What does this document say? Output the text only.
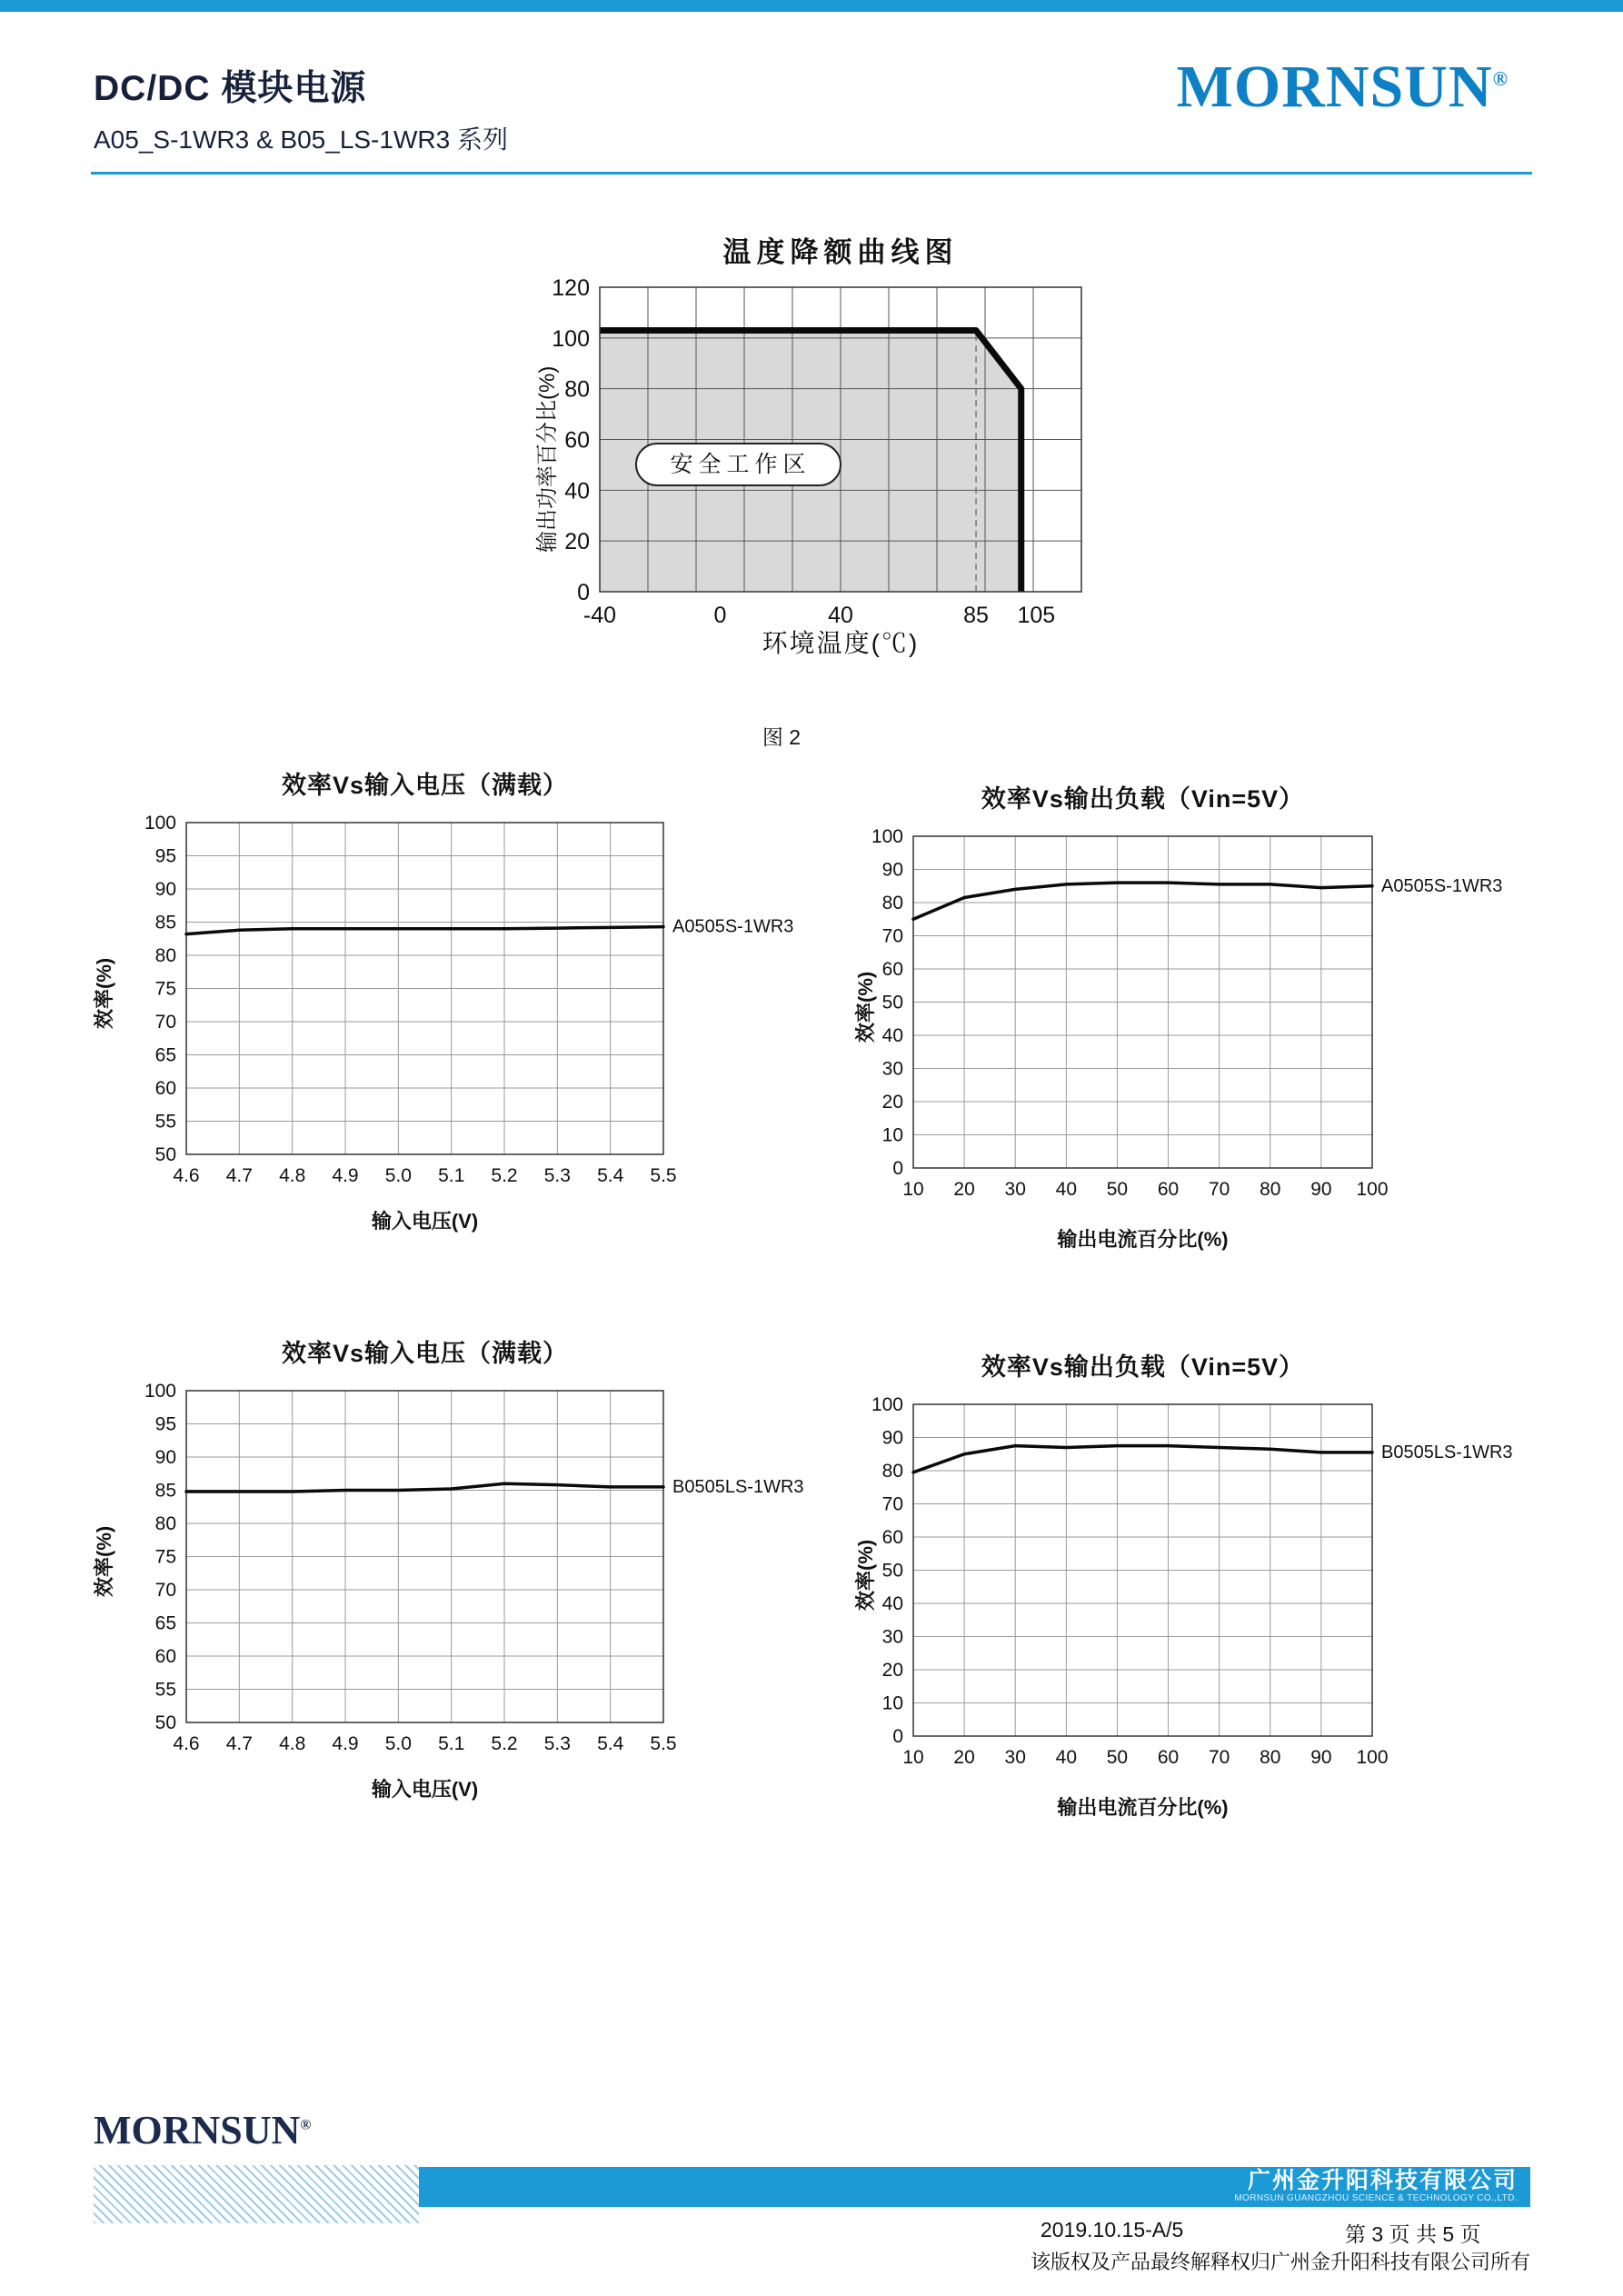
DC/DC 模块电源
A05_S-1WR3 & B05_LS-1WR3 系列
MORNSUN®
温度降额曲线图
输出功率百分比(%)	安全工作区
-40	0	40	85 105
0
20
40
60
80
100
120
环境温度(℃)
图 2
效率Vs输入电压（满载）
效率(%)
4.6 4.7 4.8 4.9 5.0 5.1 5.2 5.3 5.4 5.5
100
95
90
85
80
75
70
65
60
55
50
A0505S-1WR3
输入电压(V)
效率Vs输出负载（Vin=5V）
效率(%)
10 20 30 40 50 60 70 80 90 100
100
90
80
70
60
50
40
30
20
10
0
A0505S-1WR3
输出电流百分比(%)
效率Vs输入电压（满载）
效率(%)
4.6 4.7 4.8 4.9 5.0 5.1 5.2 5.3 5.4 5.5
100
95
90
85
80
75
70
65
60
55
50
B0505LS-1WR3
输入电压(V)
效率Vs输出负载（Vin=5V）
效率(%)
10 20 30 40 50 60 70 80 90 100
100
90
80
70
60
50
40
30
20
10
0
B0505LS-1WR3
输出电流百分比(%)
MORNSUN®
广州金升阳科技有限公司
MORNSUN GUANGZHOU SCIENCE & TECHNOLOGY CO.,LTD.
2019.10.15-A/5	第 3 页 共 5 页
该版权及产品最终解释权归广州金升阳科技有限公司所有
